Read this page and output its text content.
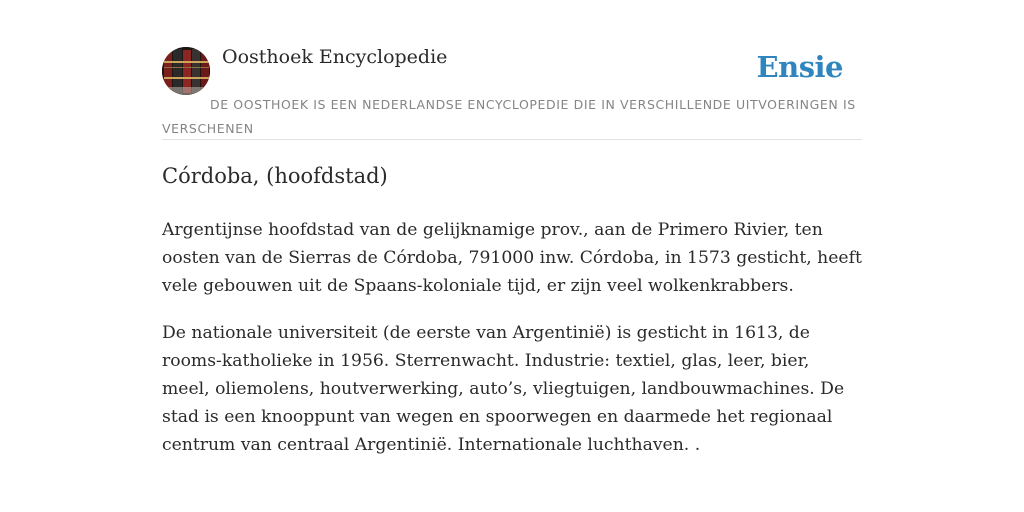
Oosthoek Encyclopedie	Ensie
DE OOSTHOEK IS EEN NEDERLANDSE ENCYCLOPEDIE DIE IN VERSCHILLENDE UITVOERINGEN IS VERSCHENEN
Córdoba, (hoofdstad)

Argentijnse hoofdstad van de gelijknamige prov., aan de Primero Rivier, ten oosten van de Sierras de Córdoba, 791000 inw. Córdoba, in 1573 gesticht, heeft vele gebouwen uit de Spaans-koloniale tijd, er zijn veel wolkenkrabbers.

De nationale universiteit (de eerste van Argentinië) is gesticht in 1613, de rooms-katholieke in 1956. Sterrenwacht. Industrie: textiel, glas, leer, bier, meel, oliemolens, houtverwerking, auto’s, vliegtuigen, landbouwmachines. De stad is een knooppunt van wegen en spoorwegen en daarmede het regionaal centrum van centraal Argentinië. Internationale luchthaven. .
